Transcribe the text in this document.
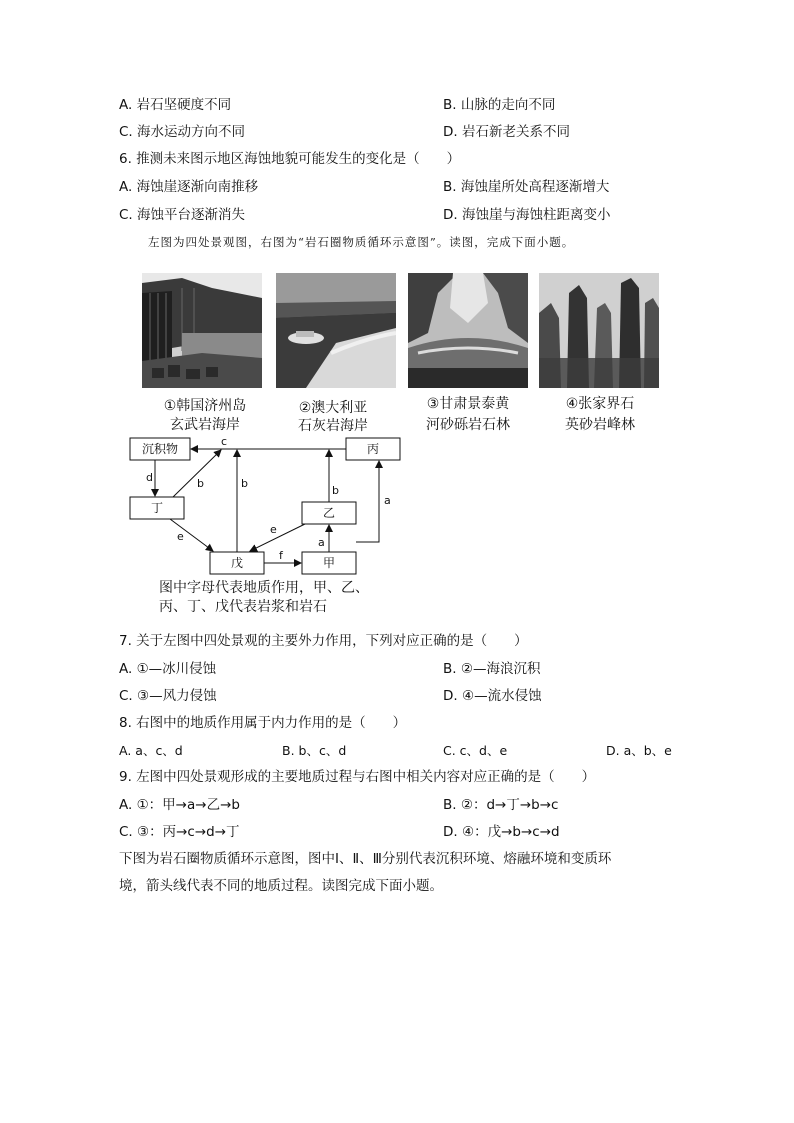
A. 岩石坚硬度不同	B. 山脉的走向不同
C. 海水运动方向不同	D. 岩石新老关系不同
6. 推测未来图示地区海蚀地貌可能发生的变化是（　　）
A. 海蚀崖逐渐向南推移	B. 海蚀崖所处高程逐渐增大
C. 海蚀平台逐渐消失	D. 海蚀崖与海蚀柱距离变小
左图为四处景观图，右图为“岩石圈物质循环示意图”。读图，完成下面小题。
①韩国济州岛
玄武岩海岸
②澳大利亚
石灰岩海岸
③甘肃景泰黄
河砂砾岩石林
④张家界石
英砂岩峰林
沉积物	丙
丁	乙
戊	甲
c
d	b	b
b
a
a
e
e
f
图中字母代表地质作用，甲、乙、
丙、丁、戊代表岩浆和岩石
7. 关于左图中四处景观的主要外力作用，下列对应正确的是（　　）
A. ①—冰川侵蚀	B. ②—海浪沉积
C. ③—风力侵蚀	D. ④—流水侵蚀
8. 右图中的地质作用属于内力作用的是（　　）
A. a、c、d	B. b、c、d	C. c、d、e	D. a、b、e
9. 左图中四处景观形成的主要地质过程与右图中相关内容对应正确的是（　　）
A. ①：甲→a→乙→b	B. ②：d→丁→b→c
C. ③：丙→c→d→丁	D. ④：戊→b→c→d
下图为岩石圈物质循环示意图，图中Ⅰ、Ⅱ、Ⅲ分别代表沉积环境、熔融环境和变质环
境，箭头线代表不同的地质过程。读图完成下面小题。
